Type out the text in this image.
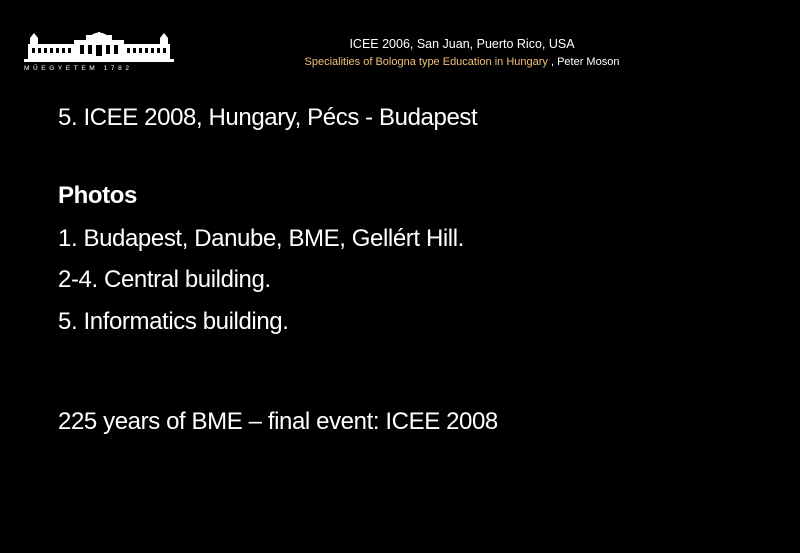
MŰEGYETEM 1782
ICEE 2006, San Juan, Puerto Rico, USA
Specialities of Bologna type Education in Hungary , Peter Moson
5. ICEE 2008, Hungary, Pécs - Budapest
Photos
1. Budapest, Danube, BME, Gellért Hill.
2-4. Central building.
5. Informatics building.
225 years of BME – final event: ICEE 2008
